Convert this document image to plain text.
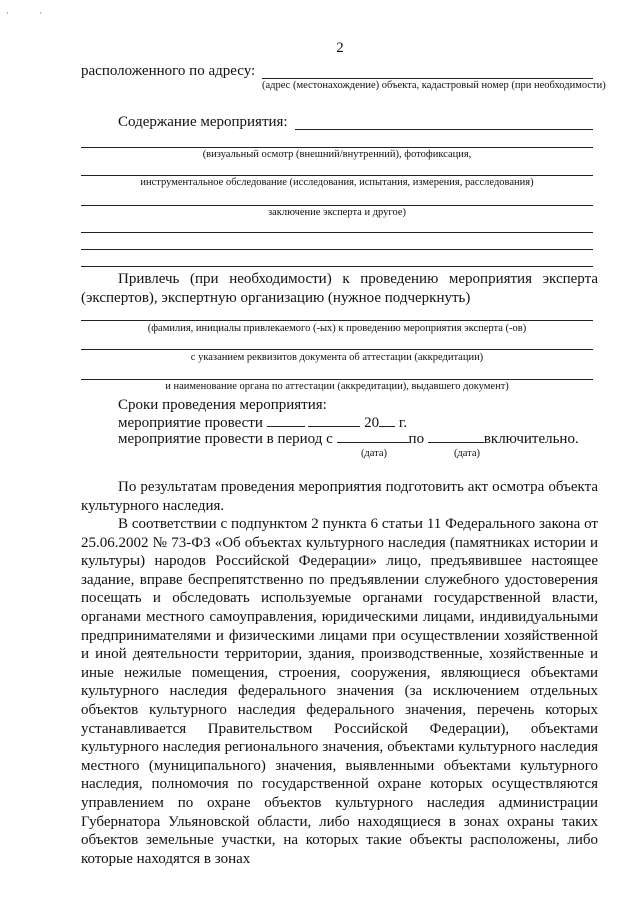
· ·
2
расположенного по адресу:
(адрес (местонахождение) объекта, кадастровый номер (при необходимости)
Содержание мероприятия:
(визуальный осмотр (внешний/внутренний), фотофиксация,
инструментальное обследование (исследования, испытания, измерения, расследования)
заключение эксперта и другое)

Привлечь (при необходимости) к проведению мероприятия эксперта (экспертов), экспертную организацию (нужное подчеркнуть)

(фамилия, инициалы привлекаемого (-ых) к проведению мероприятия эксперта (-ов)
с указанием реквизитов документа об аттестации (аккредитации)
и наименование органа по аттестации (аккредитации), выдавшего документ)
Сроки проведения мероприятия:
мероприятие провести	20 г.
мероприятие провести в период с	по	включительно.
(дата)	(дата)

По результатам проведения мероприятия подготовить акт осмотра объекта культурного наследия.

В соответствии с подпунктом 2 пункта 6 статьи 11 Федерального закона от 25.06.2002 № 73-ФЗ «Об объектах культурного наследия (памятниках истории и культуры) народов Российской Федерации» лицо, предъявившее настоящее задание, вправе беспрепятственно по предъявлении служебного удостоверения посещать и обследовать используемые органами государственной власти, органами местного самоуправления, юридическими лицами, индивидуальными предпринимателями и физическими лицами при осуществлении хозяйственной и иной деятельности территории, здания, производственные, хозяйственные и иные нежилые помещения, строения, сооружения, являющиеся объектами культурного наследия федерального значения (за исключением отдельных объектов культурного наследия федерального значения, перечень которых устанавливается Правительством Российской Федерации), объектами культурного наследия регионального значения, объектами культурного наследия местного (муниципального) значения, выявленными объектами культурного наследия, полномочия по государственной охране которых осуществляются управлением по охране объектов культурного наследия администрации Губернатора Ульяновской области, либо находящиеся в зонах охраны таких объектов земельные участки, на которых такие объекты расположены, либо которые находятся в зонах
